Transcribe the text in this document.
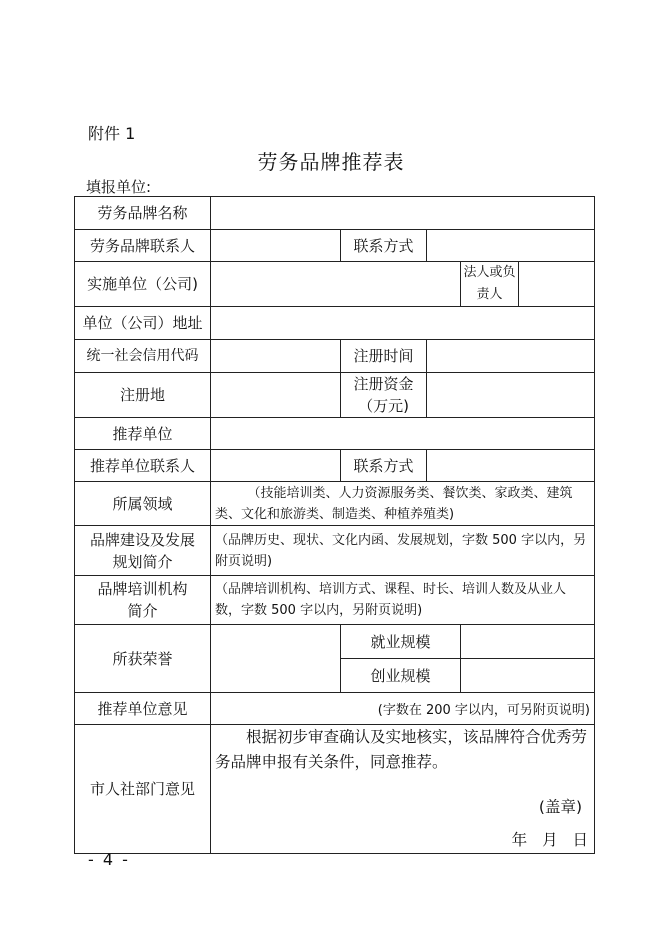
附件 1
劳务品牌推荐表
填报单位:
劳务品牌名称					
劳务品牌联系人		联系方式			
实施单位（公司)				法人或负责人	
单位（公司）地址					
统一社会信用代码		注册时间			
注册地		注册资金
（万元)			

推荐单位					
推荐单位联系人		联系方式			
所属领域	（技能培训类、人力资源服务类、餐饮类、家政类、建筑类、文化和旅游类、制造类、种植养殖类)				

品牌建设及发展
规划简介	（品牌历史、现状、文化内函、发展规划，字数 500 字以内，另附页说明)				

品牌培训机构
简介	（品牌培训机构、培训方式、课程、时长、培训人数及从业人数，字数 500 字以内，另附页说明)				
所获荣誉		就业规模			
		创业规模			
推荐单位意见	(字数在 200 字以内，可另附页说明)				
市人社部门意见	根据初步审查确认及实地核实，该品牌符合优秀劳务品牌申报有关条件，同意推荐。
(盖章)
年 月 日				
- 4 -
